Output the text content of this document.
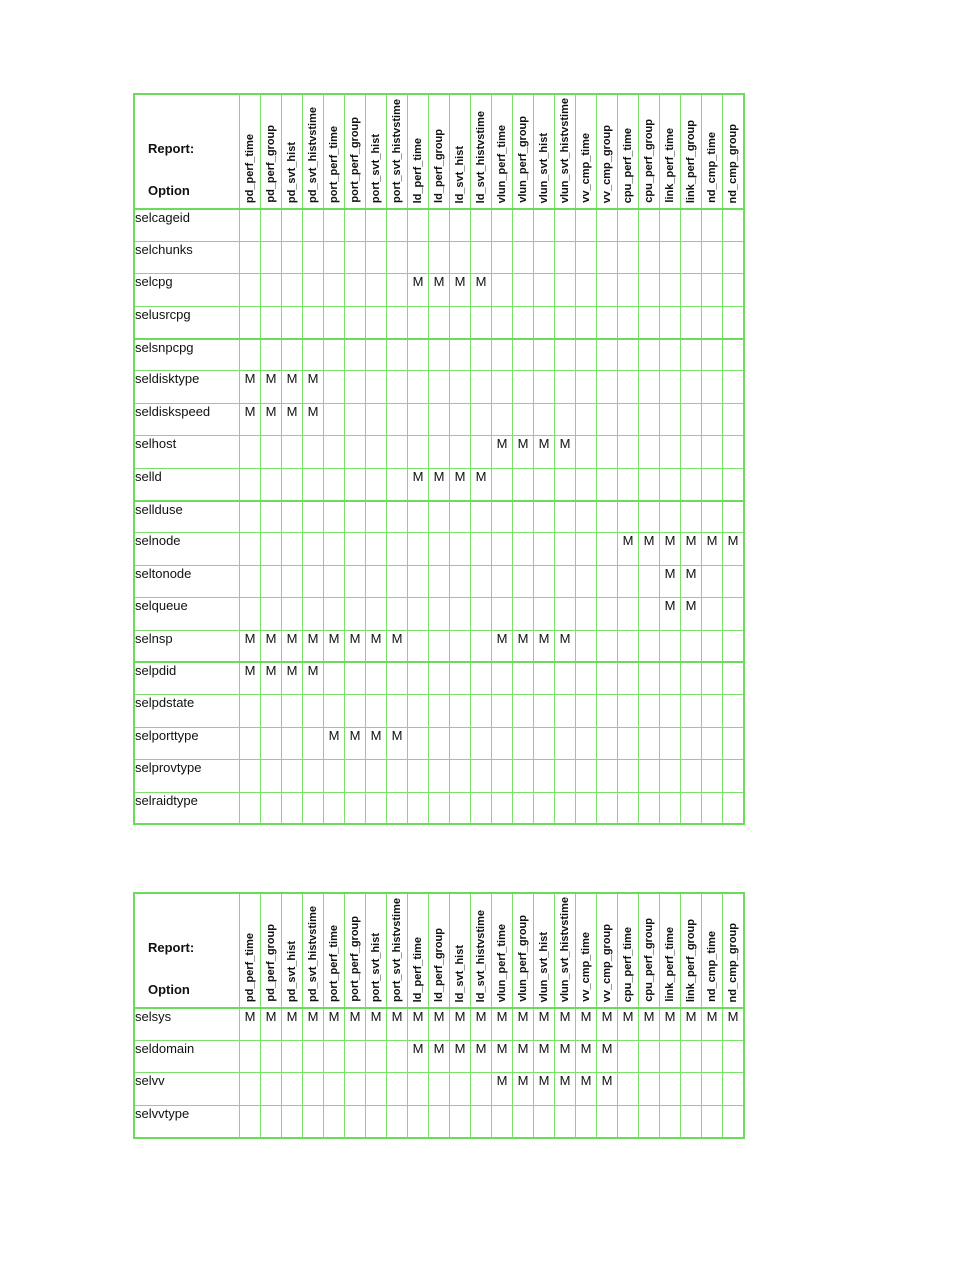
Report:
Option	pd_perf_time	pd_perf_group	pd_svt_hist	pd_svt_histvstime	port_perf_time	port_perf_group	port_svt_hist	port_svt_histvstime	ld_perf_time	ld_perf_group	ld_svt_hist	ld_svt_histvstime	vlun_perf_time	vlun_perf_group	vlun_svt_hist	vlun_svt_histvstime	vv_cmp_time	vv_cmp_group	cpu_perf_time	cpu_perf_group	link_perf_time	link_perf_group	nd_cmp_time	nd_cmp_group

selcageid																								
selchunks																								
selcpg									M	M	M	M												
selusrcpg																								
selsnpcpg																								
seldisktype	M	M	M	M																				
seldiskspeed	M	M	M	M																				
selhost													M	M	M	M								
selld									M	M	M	M												
sellduse																								
selnode																			M	M	M	M	M	M
seltonode																					M	M		
selqueue																					M	M		
selnsp	M	M	M	M	M	M	M	M					M	M	M	M								
selpdid	M	M	M	M																				
selpdstate																								
selporttype					M	M	M	M																
selprovtype																								
selraidtype																								
Report:
Option	pd_perf_time	pd_perf_group	pd_svt_hist	pd_svt_histvstime	port_perf_time	port_perf_group	port_svt_hist	port_svt_histvstime	ld_perf_time	ld_perf_group	ld_svt_hist	ld_svt_histvstime	vlun_perf_time	vlun_perf_group	vlun_svt_hist	vlun_svt_histvstime	vv_cmp_time	vv_cmp_group	cpu_perf_time	cpu_perf_group	link_perf_time	link_perf_group	nd_cmp_time	nd_cmp_group

selsys	M	M	M	M	M	M	M	M	M	M	M	M	M	M	M	M	M	M	M	M	M	M	M	M
seldomain									M	M	M	M	M	M	M	M	M	M						
selvv													M	M	M	M	M	M						
selvvtype																								
